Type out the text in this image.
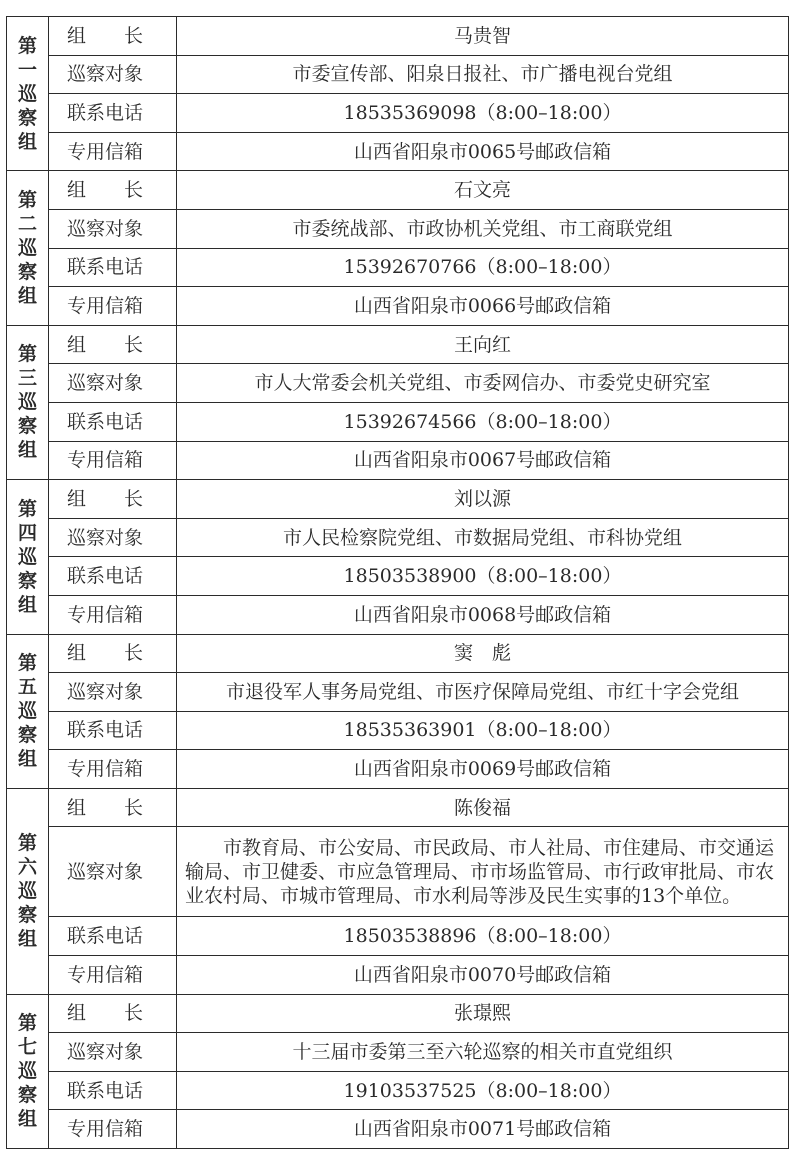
第一巡察组	组　　长	马贵智
	巡察对象	市委宣传部、阳泉日报社、市广播电视台党组
	联系电话	18535369098（8:00–18:00）
	专用信箱	山西省阳泉市0065号邮政信箱
第二巡察组	组　　长	石文亮
	巡察对象	市委统战部、市政协机关党组、市工商联党组
	联系电话	15392670766（8:00–18:00）
	专用信箱	山西省阳泉市0066号邮政信箱
第三巡察组	组　　长	王向红
	巡察对象	市人大常委会机关党组、市委网信办、市委党史研究室
	联系电话	15392674566（8:00–18:00）
	专用信箱	山西省阳泉市0067号邮政信箱
第四巡察组	组　　长	刘以源
	巡察对象	市人民检察院党组、市数据局党组、市科协党组
	联系电话	18503538900（8:00–18:00）
	专用信箱	山西省阳泉市0068号邮政信箱
第五巡察组	组　　长	窦　彪
	巡察对象	市退役军人事务局党组、市医疗保障局党组、市红十字会党组
	联系电话	18535363901（8:00–18:00）
	专用信箱	山西省阳泉市0069号邮政信箱
第六巡察组	组　　长	陈俊福
	巡察对象	市教育局、市公安局、市民政局、市人社局、市住建局、市交通运输局、市卫健委、市应急管理局、市市场监管局、市行政审批局、市农业农村局、市城市管理局、市水利局等涉及民生实事的13个单位。
	联系电话	18503538896（8:00–18:00）
	专用信箱	山西省阳泉市0070号邮政信箱
第七巡察组	组　　长	张璟熙
	巡察对象	十三届市委第三至六轮巡察的相关市直党组织
	联系电话	19103537525（8:00–18:00）
	专用信箱	山西省阳泉市0071号邮政信箱
